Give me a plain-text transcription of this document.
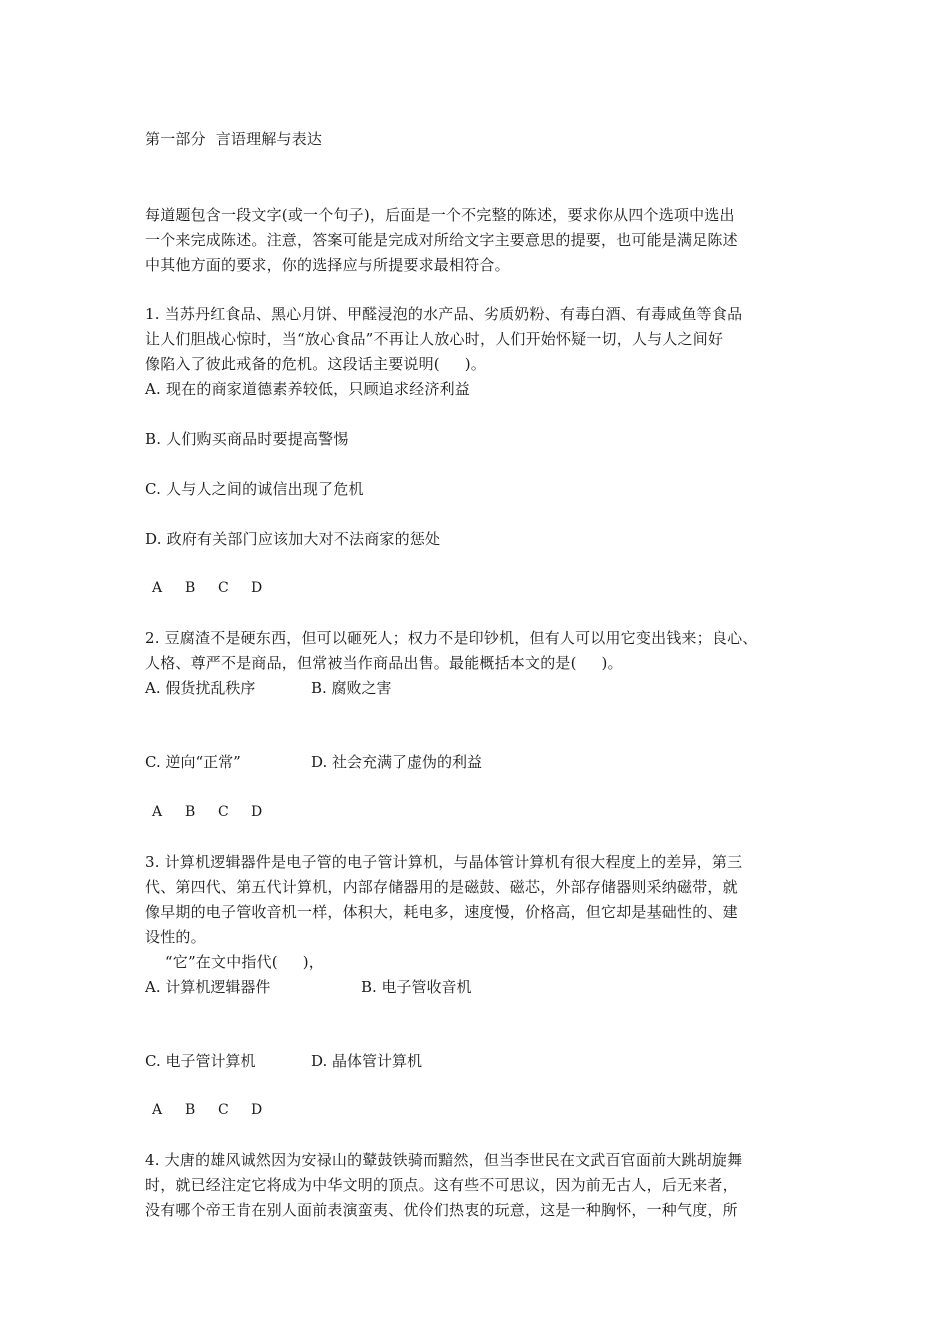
第一部分  言语理解与表达
每道题包含一段文字(或一个句子)，后面是一个不完整的陈述，要求你从四个选项中选出
一个来完成陈述。注意，答案可能是完成对所给文字主要意思的提要，也可能是满足陈述
中其他方面的要求，你的选择应与所提要求最相符合。
1. 当苏丹红食品、黑心月饼、甲醛浸泡的水产品、劣质奶粉、有毒白酒、有毒咸鱼等食品
让人们胆战心惊时，当“放心食品”不再让人放心时，人们开始怀疑一切，人与人之间好
像陷入了彼此戒备的危机。这段话主要说明(     )。
A. 现在的商家道德素养较低，只顾追求经济利益
B. 人们购买商品时要提高警惕
C. 人与人之间的诚信出现了危机
D. 政府有关部门应该加大对不法商家的惩处
A B C D
2. 豆腐渣不是硬东西，但可以砸死人；权力不是印钞机，但有人可以用它变出钱来；良心、
人格、尊严不是商品，但常被当作商品出售。最能概括本文的是(     )。
A. 假货扰乱秩序	B. 腐败之害
C. 逆向“正常”	D. 社会充满了虚伪的利益
A B C D
3. 计算机逻辑器件是电子管的电子管计算机，与晶体管计算机有很大程度上的差异，第三
代、第四代、第五代计算机，内部存储器用的是磁鼓、磁芯，外部存储器则采纳磁带，就
像早期的电子管收音机一样，体积大，耗电多，速度慢，价格高，但它却是基础性的、建
设性的。
“它”在文中指代(     )，
A. 计算机逻辑器件	B. 电子管收音机
C. 电子管计算机	D. 晶体管计算机
A B C D
4. 大唐的雄风诚然因为安禄山的鼙鼓铁骑而黯然，但当李世民在文武百官面前大跳胡旋舞
时，就已经注定它将成为中华文明的顶点。这有些不可思议，因为前无古人，后无来者，
没有哪个帝王肯在别人面前表演蛮夷、优伶们热衷的玩意，这是一种胸怀，一种气度，所
